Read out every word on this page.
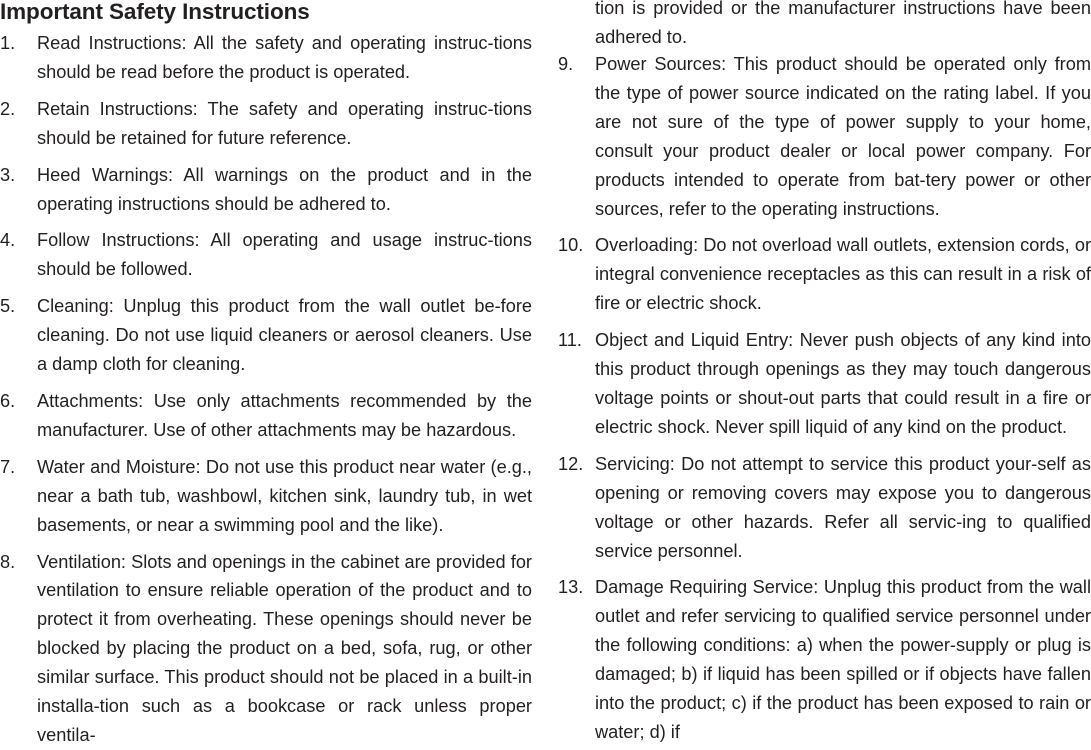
Important Safety Instructions
1.	Read Instructions: All the safety and operating instruc-tions should be read before the product is operated.
2.	Retain Instructions: The safety and operating instruc-tions should be retained for future reference.
3.	Heed Warnings: All warnings on the product and in the operating instructions should be adhered to.
4.	Follow Instructions: All operating and usage instruc-tions should be followed.
5.	Cleaning: Unplug this product from the wall outlet be-fore cleaning. Do not use liquid cleaners or aerosol cleaners. Use a damp cloth for cleaning.
6.	Attachments: Use only attachments recommended by the manufacturer. Use of other attachments may be hazardous.
7.	Water and Moisture: Do not use this product near water (e.g., near a bath tub, washbowl, kitchen sink, laundry tub, in wet basements, or near a swimming pool and the like).
8.	Ventilation: Slots and openings in the cabinet are provided for ventilation to ensure reliable operation of the product and to protect it from overheating. These openings should never be blocked by placing the product on a bed, sofa, rug, or other similar surface. This product should not be placed in a built-in installa-tion such as a bookcase or rack unless proper ventila-
tion is provided or the manufacturer instructions have been adhered to.
9.	Power Sources: This product should be operated only from the type of power source indicated on the rating label. If you are not sure of the type of power supply to your home, consult your product dealer or local power company. For products intended to operate from bat-tery power or other sources, refer to the operating instructions.
10. Overloading: Do not overload wall outlets, extension cords, or integral convenience receptacles as this can result in a risk of fire or electric shock.
11. Object and Liquid Entry: Never push objects of any kind into this product through openings as they may touch dangerous voltage points or shout-out parts that could result in a fire or electric shock. Never spill liquid of any kind on the product.
12. Servicing: Do not attempt to service this product your-self as opening or removing covers may expose you to dangerous voltage or other hazards. Refer all servic-ing to qualified service personnel.
13. Damage Requiring Service: Unplug this product from the wall outlet and refer servicing to qualified service personnel under the following conditions: a) when the power-supply or plug is damaged; b) if liquid has been spilled or if objects have fallen into the product; c) if the product has been exposed to rain or water; d) if
